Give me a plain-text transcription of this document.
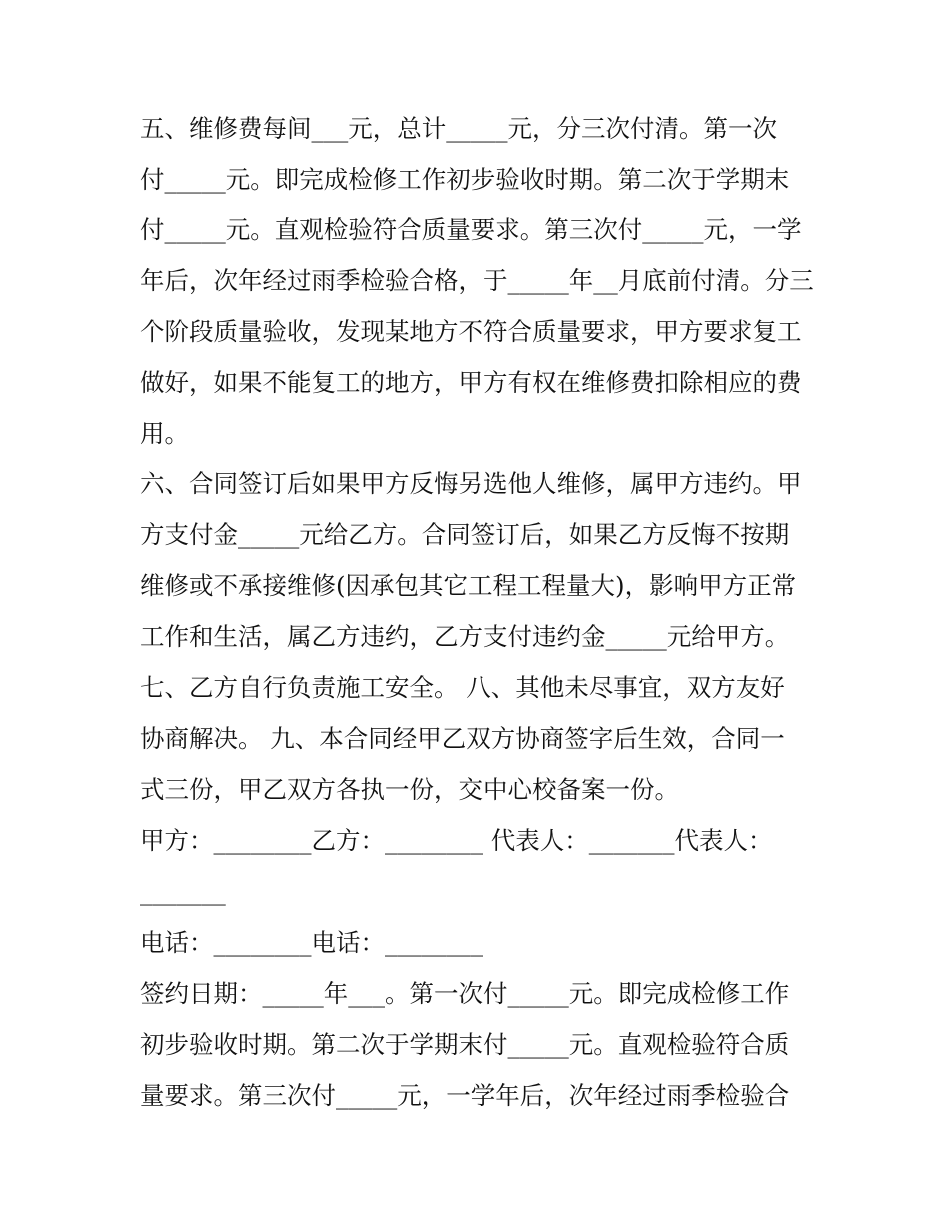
五、维修费每间___元，总计_____元，分三次付清。第一次
付_____元。即完成检修工作初步验收时期。第二次于学期末
付_____元。直观检验符合质量要求。第三次付_____元，一学
年后，次年经过雨季检验合格，于_____年__月底前付清。分三
个阶段质量验收，发现某地方不符合质量要求，甲方要求复工
做好，如果不能复工的地方，甲方有权在维修费扣除相应的费
用。
六、合同签订后如果甲方反悔另选他人维修，属甲方违约。甲
方支付金_____元给乙方。合同签订后，如果乙方反悔不按期
维修或不承接维修(因承包其它工程工程量大)，影响甲方正常
工作和生活，属乙方违约，乙方支付违约金_____元给甲方。
七、乙方自行负责施工安全。 八、其他未尽事宜，双方友好
协商解决。 九、本合同经甲乙双方协商签字后生效，合同一
式三份，甲乙双方各执一份，交中心校备案一份。
甲方：________乙方：________ 代表人：_______代表人：
_______
电话：________电话：________
签约日期：_____年___。第一次付_____元。即完成检修工作
初步验收时期。第二次于学期末付_____元。直观检验符合质
量要求。第三次付_____元，一学年后，次年经过雨季检验合
